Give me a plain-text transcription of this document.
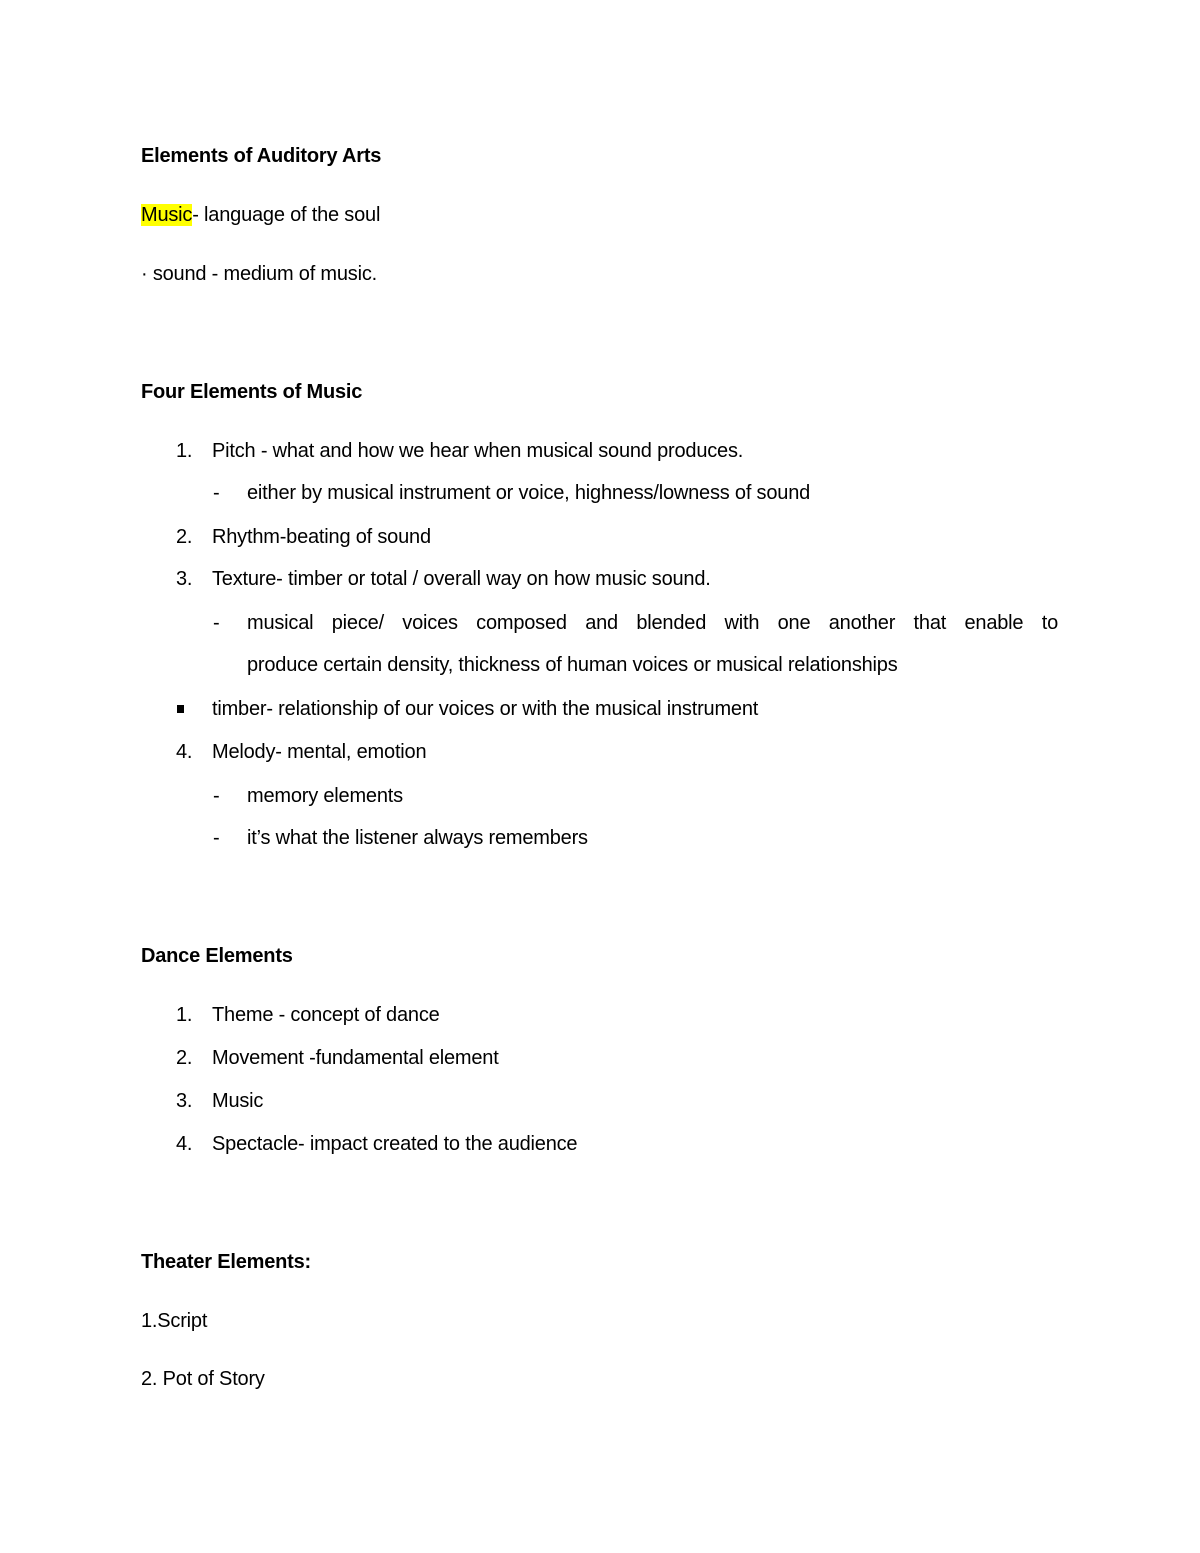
Elements of Auditory Arts
Music- language of the soul
· sound - medium of music.
Four Elements of Music
1. Pitch - what and how we hear when musical sound produces.
- either by musical instrument or voice, highness/lowness of sound
2. Rhythm-beating of sound
3. Texture- timber or total / overall way on how music sound.
- musical piece/ voices composed and blended with one another that enable to
produce certain density, thickness of human voices or musical relationships
timber- relationship of our voices or with the musical instrument
4. Melody- mental, emotion
- memory elements
- it’s what the listener always remembers
Dance Elements
1. Theme - concept of dance
2. Movement -fundamental element
3. Music
4. Spectacle- impact created to the audience
Theater Elements:
1.Script
2. Pot of Story
